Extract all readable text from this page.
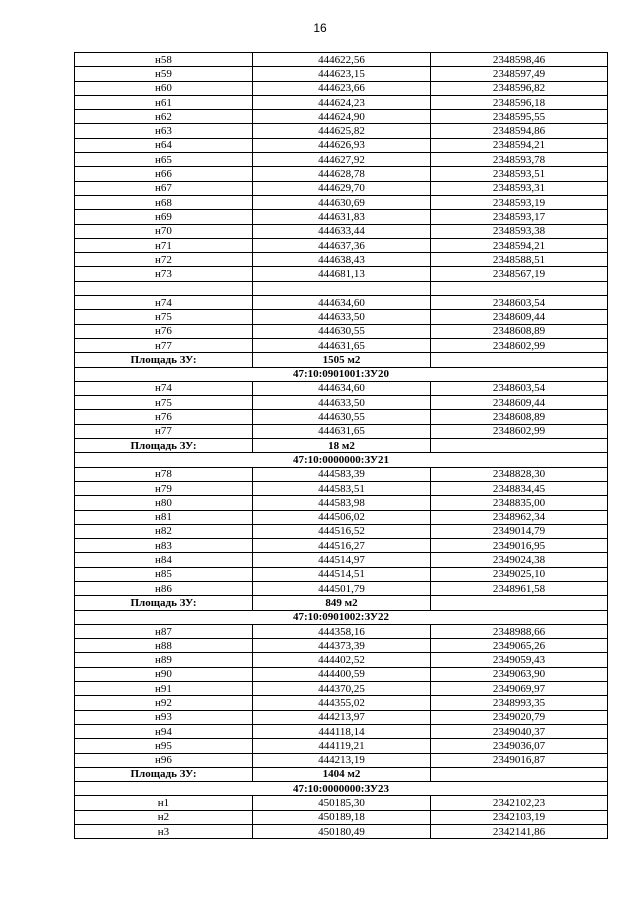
16
н58	444622,56	2348598,46
н59	444623,15	2348597,49
н60	444623,66	2348596,82
н61	444624,23	2348596,18
н62	444624,90	2348595,55
н63	444625,82	2348594,86
н64	444626,93	2348594,21
н65	444627,92	2348593,78
н66	444628,78	2348593,51
н67	444629,70	2348593,31
н68	444630,69	2348593,19
н69	444631,83	2348593,17
н70	444633,44	2348593,38
н71	444637,36	2348594,21
н72	444638,43	2348588,51
н73	444681,13	2348567,19

н74	444634,60	2348603,54
н75	444633,50	2348609,44
н76	444630,55	2348608,89
н77	444631,65	2348602,99
Площадь ЗУ:	1505 м2	
47:10:0901001:ЗУ20		
н74	444634,60	2348603,54
н75	444633,50	2348609,44
н76	444630,55	2348608,89
н77	444631,65	2348602,99
Площадь ЗУ:	18 м2	
47:10:0000000:ЗУ21		
н78	444583,39	2348828,30
н79	444583,51	2348834,45
н80	444583,98	2348835,00
н81	444506,02	2348962,34
н82	444516,52	2349014,79
н83	444516,27	2349016,95
н84	444514,97	2349024,38
н85	444514,51	2349025,10
н86	444501,79	2348961,58
Площадь ЗУ:	849 м2	
47:10:0901002:ЗУ22		
н87	444358,16	2348988,66
н88	444373,39	2349065,26
н89	444402,52	2349059,43
н90	444400,59	2349063,90
н91	444370,25	2349069,97
н92	444355,02	2348993,35
н93	444213,97	2349020,79
н94	444118,14	2349040,37
н95	444119,21	2349036,07
н96	444213,19	2349016,87
Площадь ЗУ:	1404 м2	
47:10:0000000:ЗУ23		
н1	450185,30	2342102,23
н2	450189,18	2342103,19
н3	450180,49	2342141,86
